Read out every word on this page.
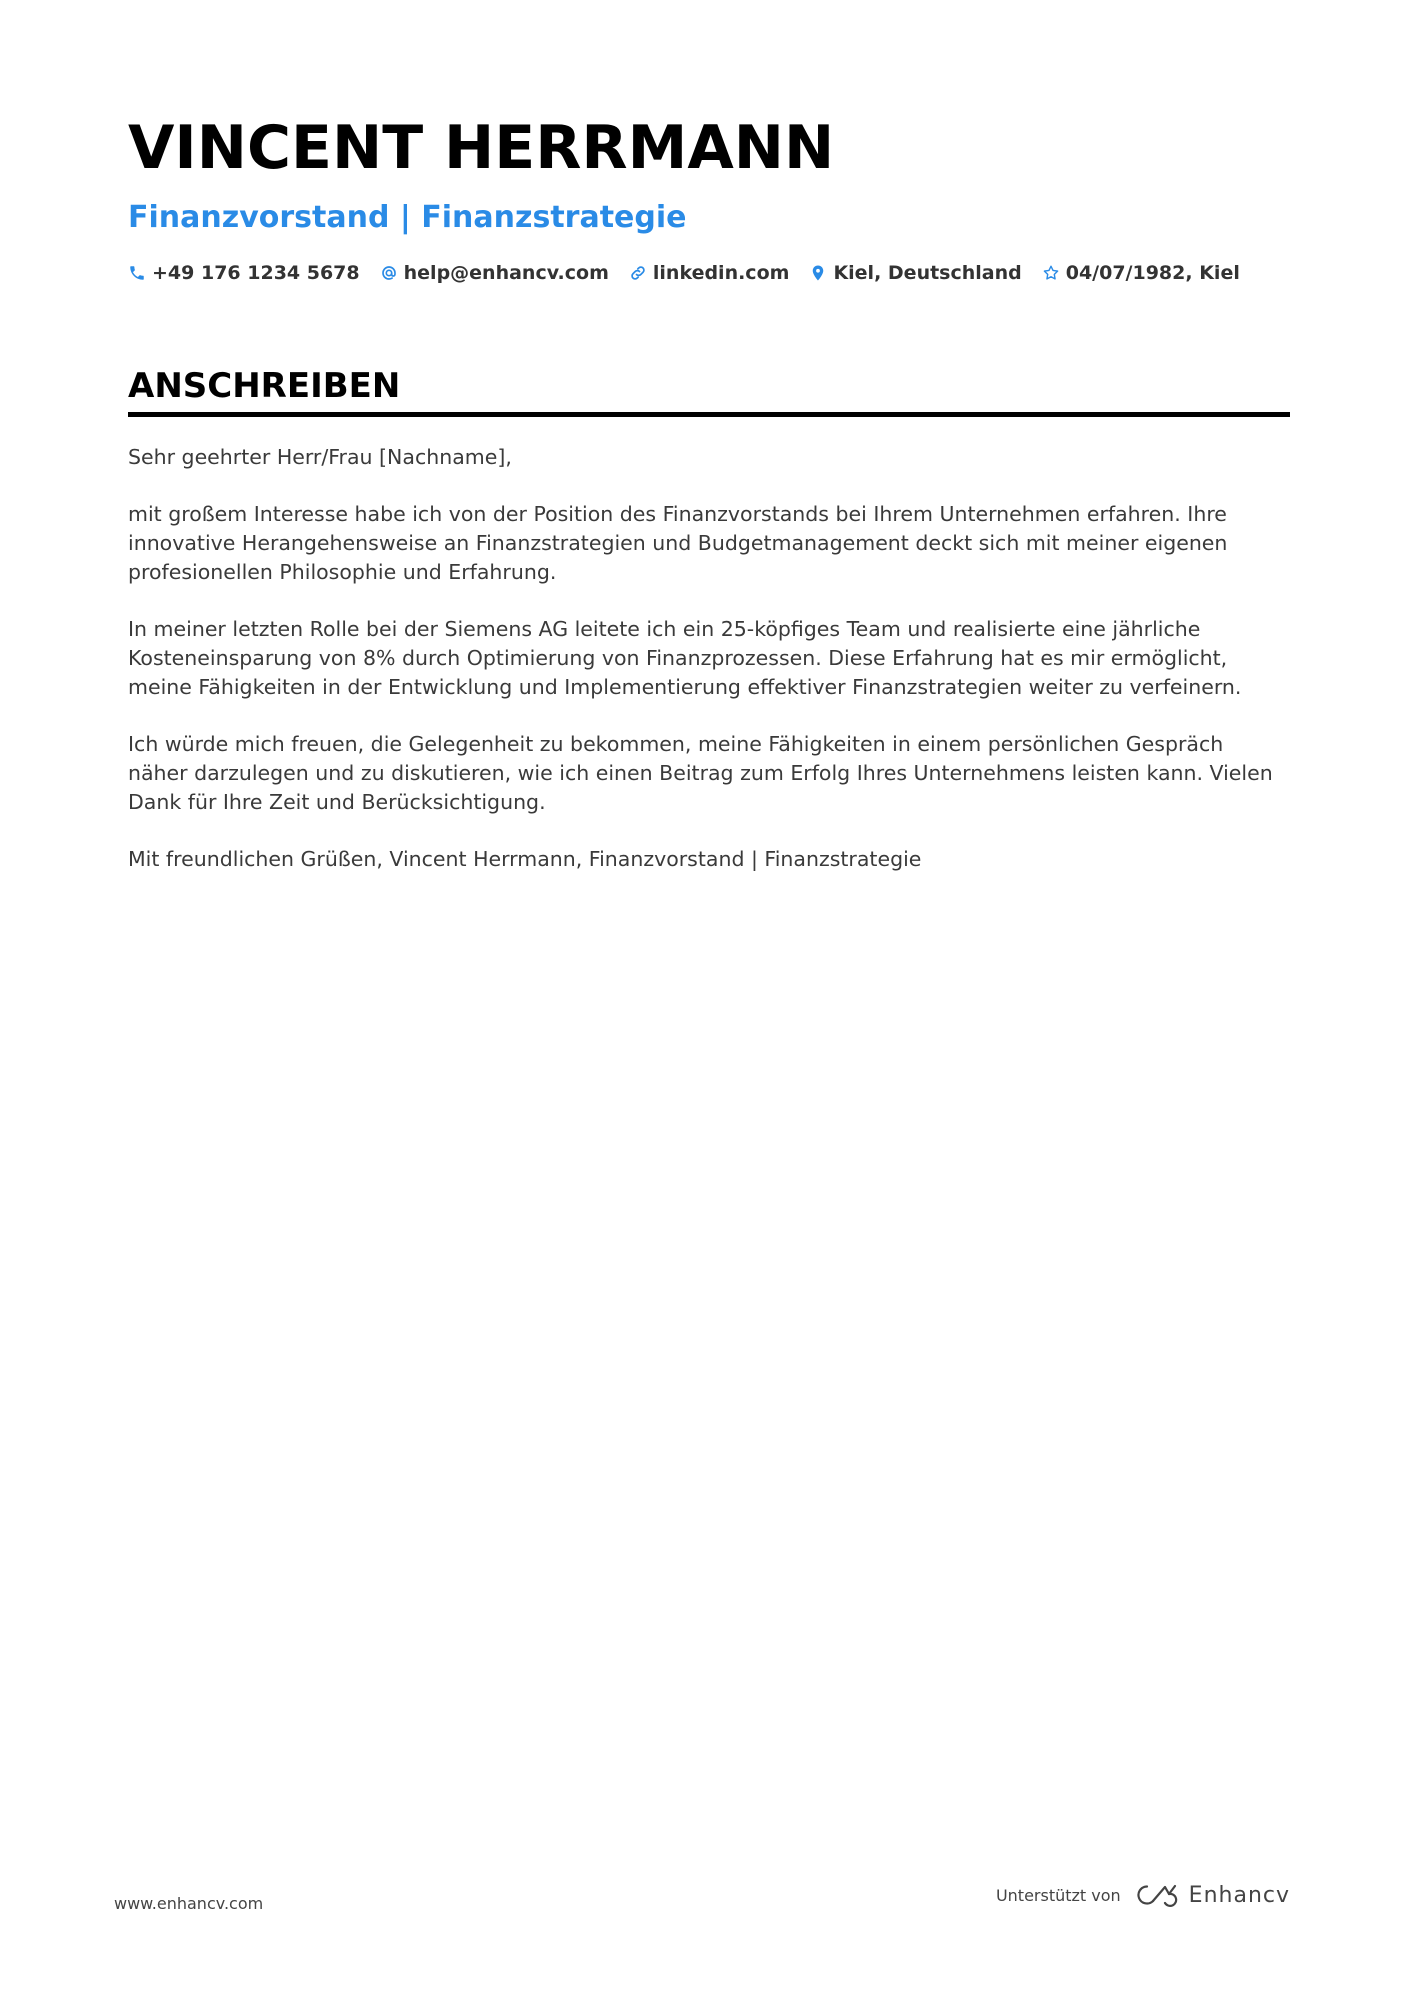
VINCENT HERRMANN
Finanzvorstand | Finanzstrategie
+49 176 1234 5678 help@enhancv.com linkedin.com Kiel, Deutschland 04/07/1982, Kiel
ANSCHREIBEN

Sehr geehrter Herr/Frau [Nachname],

mit großem Interesse habe ich von der Position des Finanzvorstands bei Ihrem Unternehmen erfahren. Ihre innovative Herangehensweise an Finanzstrategien und Budgetmanagement deckt sich mit meiner eigenen profesionellen Philosophie und Erfahrung.

In meiner letzten Rolle bei der Siemens AG leitete ich ein 25-köpfiges Team und realisierte eine jährliche Kosteneinsparung von 8% durch Optimierung von Finanzprozessen. Diese Erfahrung hat es mir ermöglicht, meine Fähigkeiten in der Entwicklung und Implementierung effektiver Finanzstrategien weiter zu verfeinern.

Ich würde mich freuen, die Gelegenheit zu bekommen, meine Fähigkeiten in einem persönlichen Gespräch näher darzulegen und zu diskutieren, wie ich einen Beitrag zum Erfolg Ihres Unternehmens leisten kann. Vielen Dank für Ihre Zeit und Berücksichtigung.

Mit freundlichen Grüßen, Vincent Herrmann, Finanzvorstand | Finanzstrategie

www.enhancv.com	Unterstützt von	Enhancv
